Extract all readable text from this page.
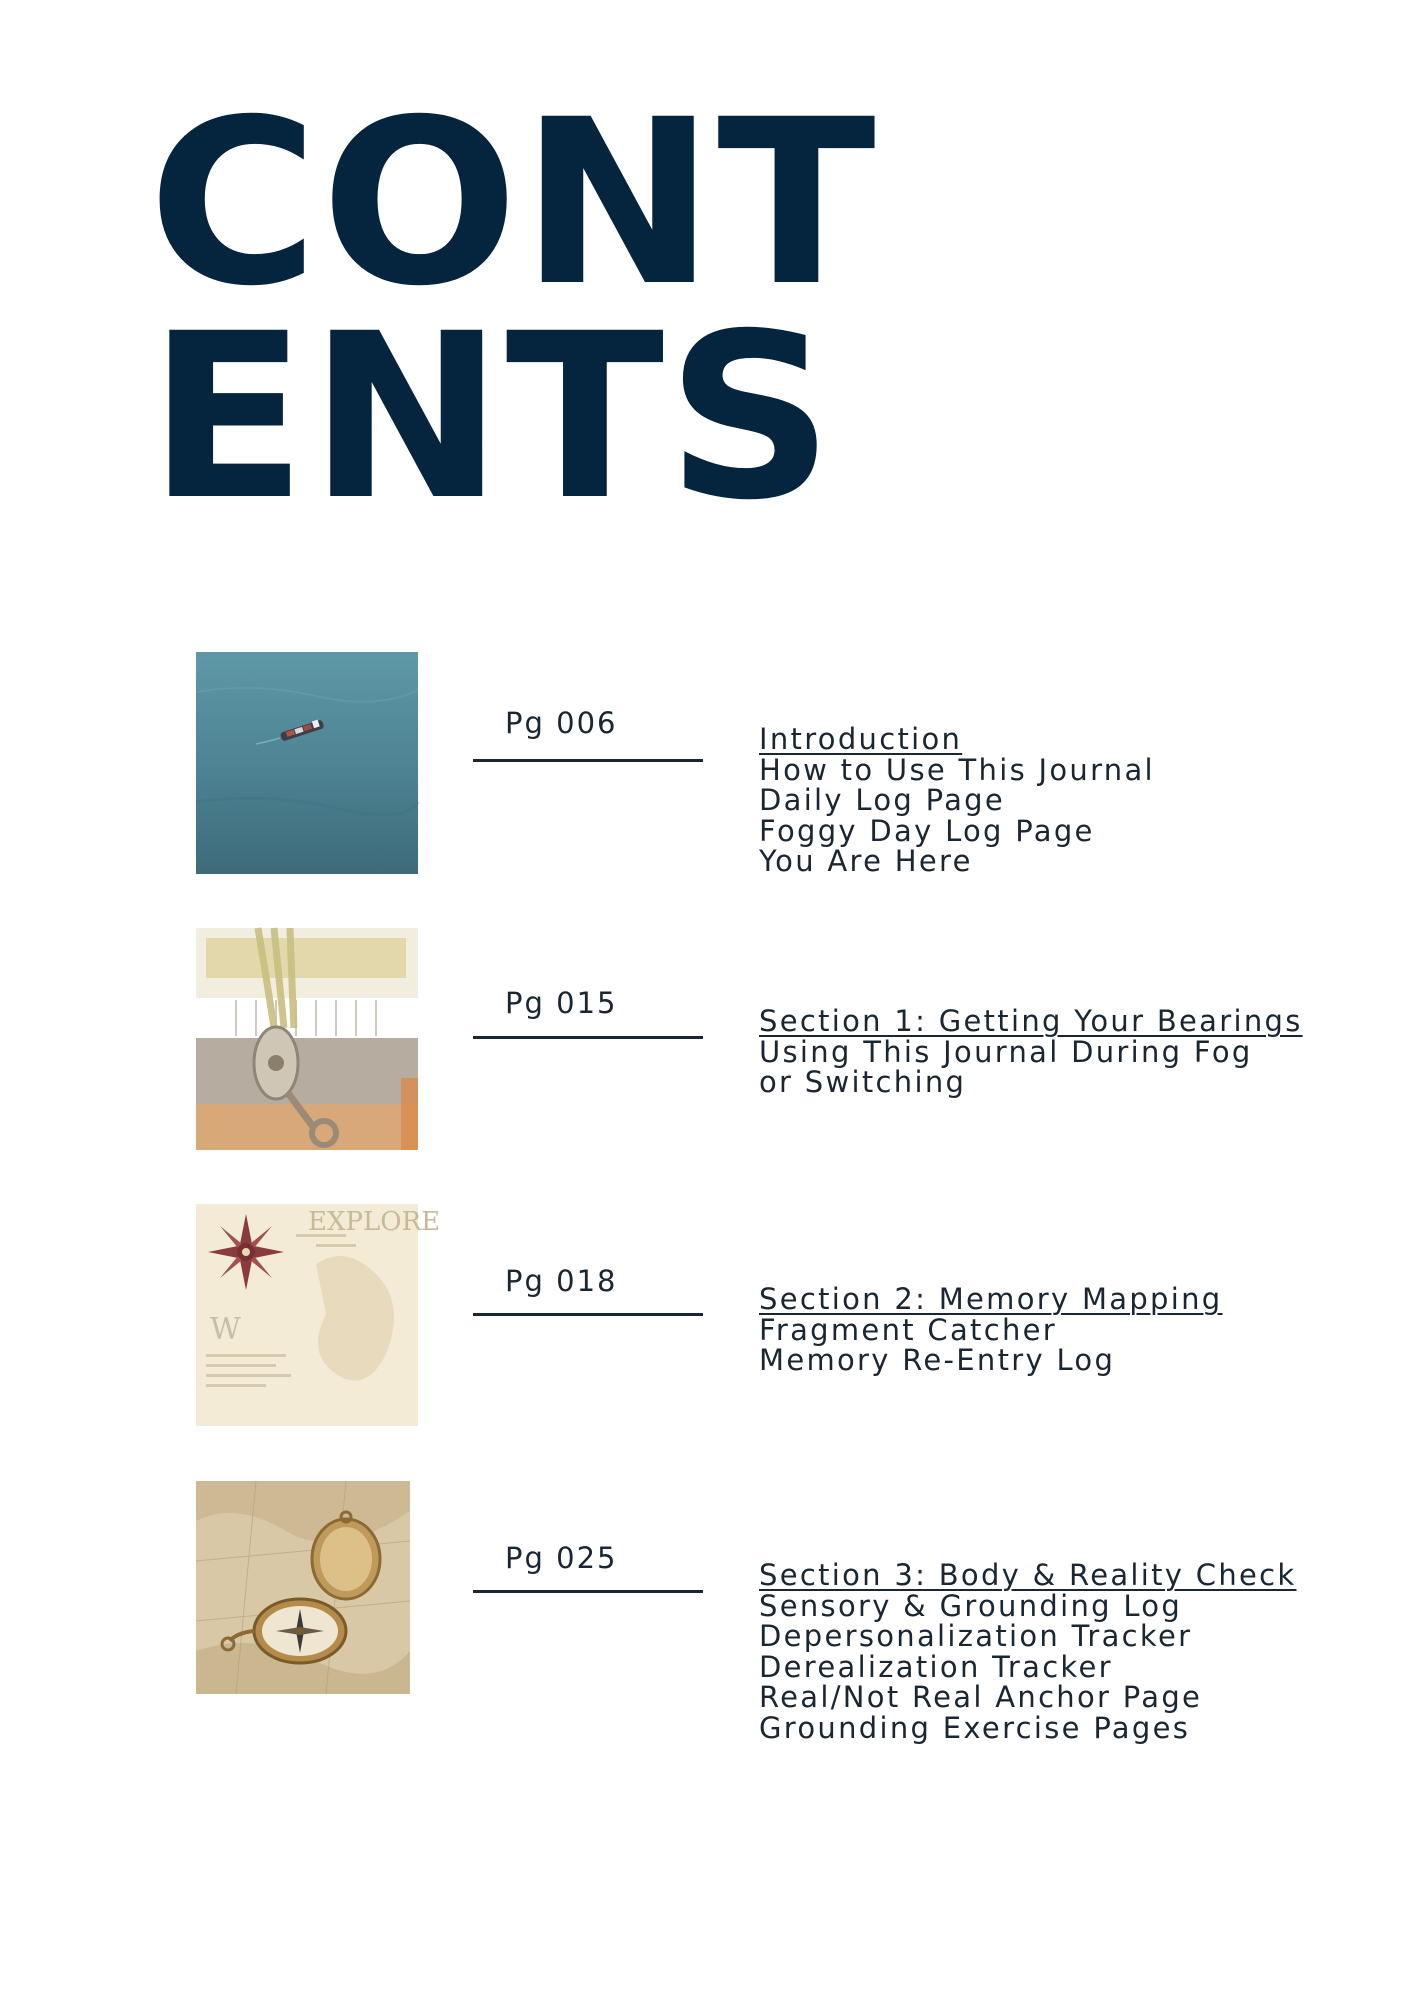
CONT
ENTS
Pg 006	Introduction
How to Use This Journal
Daily Log Page
Foggy Day Log Page
You Are Here
Pg 015
Section 1: Getting Your Bearings
Using This Journal During Fog
or Switching
EXPLORE
W
Pg 018
Section 2: Memory Mapping
Fragment Catcher
Memory Re-Entry Log
Pg 025	Section 3: Body & Reality Check
Sensory & Grounding Log
Depersonalization Tracker
Derealization Tracker
Real/Not Real Anchor Page
Grounding Exercise Pages
